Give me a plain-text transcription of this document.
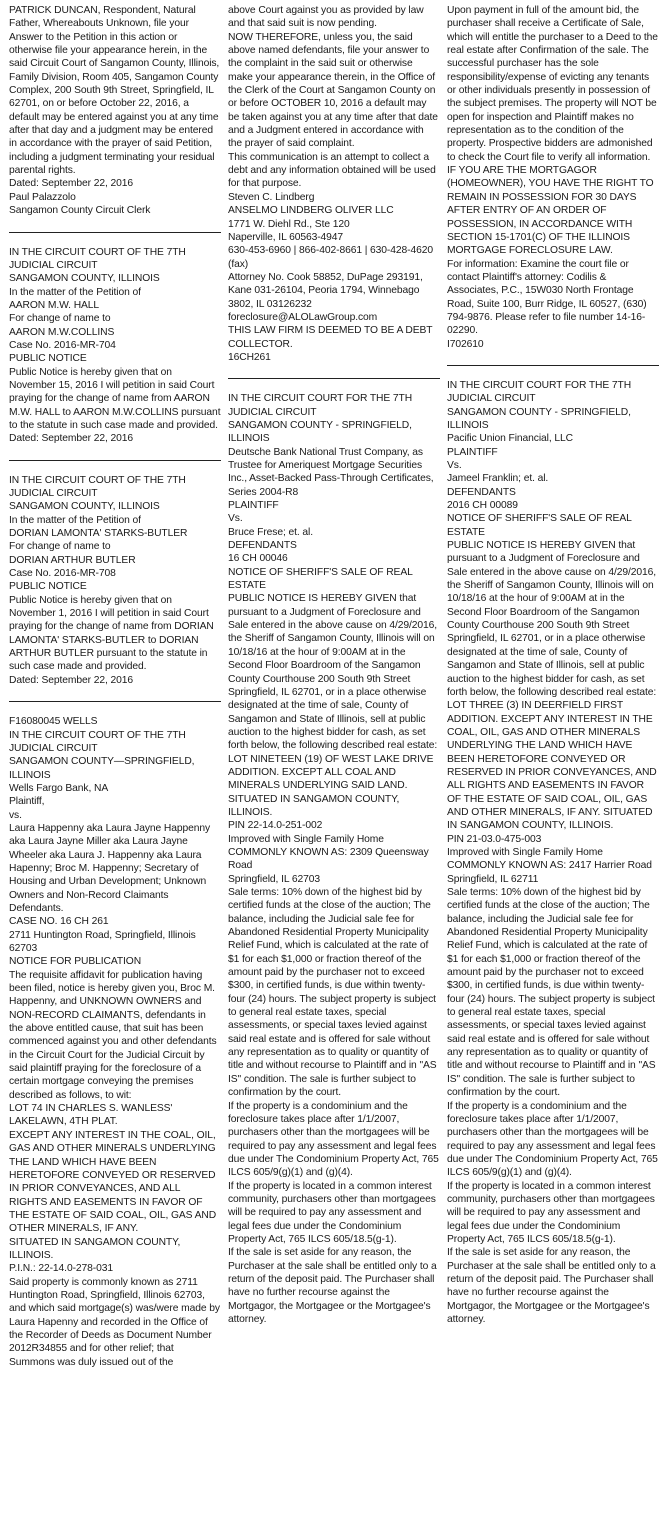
PATRICK DUNCAN, Respondent, Natural Father, Whereabouts Unknown, file your Answer to the Petition in this action or otherwise file your appearance herein, in the said Circuit Court of Sangamon County, Illinois, Family Division, Room 405, Sangamon County Complex, 200 South 9th Street, Springfield, IL 62701, on or before October 22, 2016, a default may be entered against you at any time after that day and a judgment may be entered in accordance with the prayer of said Petition, including a judgment terminating your residual parental rights.
Dated: September 22, 2016
Paul Palazzolo
Sangamon County Circuit Clerk
IN THE CIRCUIT COURT OF THE 7TH JUDICIAL CIRCUIT
SANGAMON COUNTY, ILLINOIS
In the matter of the Petition of
AARON M.W. HALL
For change of name to
AARON M.W.COLLINS
Case No. 2016-MR-704
PUBLIC NOTICE
Public Notice is hereby given that on November 15, 2016 I will petition in said Court praying for the change of name from AARON M.W. HALL to AARON M.W.COLLINS pursuant to the statute in such case made and provided.
Dated: September 22, 2016
IN THE CIRCUIT COURT OF THE 7TH JUDICIAL CIRCUIT
SANGAMON COUNTY, ILLINOIS
In the matter of the Petition of
DORIAN LAMONTA' STARKS-BUTLER
For change of name to
DORIAN ARTHUR BUTLER
Case No. 2016-MR-708
PUBLIC NOTICE
Public Notice is hereby given that on November 1, 2016 I will petition in said Court praying for the change of name from DORIAN LAMONTA' STARKS-BUTLER to DORIAN ARTHUR BUTLER pursuant to the statute in such case made and provided.
Dated: September 22, 2016
F16080045 WELLS
IN THE CIRCUIT COURT OF THE 7TH JUDICIAL CIRCUIT
SANGAMON COUNTY—SPRINGFIELD, ILLINOIS
Wells Fargo Bank, NA
Plaintiff,
vs.
Laura Happenny aka Laura Jayne Happenny aka Laura Jayne Miller aka Laura Jayne Wheeler aka Laura J. Happenny aka Laura Hapenny; Broc M. Happenny; Secretary of Housing and Urban Development; Unknown Owners and Non-Record Claimants
Defendants.
CASE NO. 16 CH 261
2711 Huntington Road, Springfield, Illinois 62703
NOTICE FOR PUBLICATION
The requisite affidavit for publication having been filed, notice is hereby given you, Broc M. Happenny, and UNKNOWN OWNERS and NON-RECORD CLAIMANTS, defendants in the above entitled cause, that suit has been commenced against you and other defendants in the Circuit Court for the Judicial Circuit by said plaintiff praying for the foreclosure of a certain mortgage conveying the premises described as follows, to wit:
LOT 74 IN CHARLES S. WANLESS' LAKELAWN, 4TH PLAT.
EXCEPT ANY INTEREST IN THE COAL, OIL, GAS AND OTHER MINERALS UNDERLYING THE LAND WHICH HAVE BEEN HERETOFORE CONVEYED OR RESERVED IN PRIOR CONVEYANCES, AND ALL RIGHTS AND EASEMENTS IN FAVOR OF THE ESTATE OF SAID COAL, OIL, GAS AND OTHER MINERALS, IF ANY.
SITUATED IN SANGAMON COUNTY, ILLINOIS.
P.I.N.: 22-14.0-278-031
Said property is commonly known as 2711 Huntington Road, Springfield, Illinois 62703, and which said mortgage(s) was/were made by Laura Hapenny and recorded in the Office of the Recorder of Deeds as Document Number 2012R34855 and for other relief; that Summons was duly issued out of the
above Court against you as provided by law and that said suit is now pending.
NOW THEREFORE, unless you, the said above named defendants, file your answer to the complaint in the said suit or otherwise make your appearance therein, in the Office of the Clerk of the Court at Sangamon County on or before OCTOBER 10, 2016 a default may be taken against you at any time after that date and a Judgment entered in accordance with the prayer of said complaint.
This communication is an attempt to collect a debt and any information obtained will be used for that purpose.
Steven C. Lindberg
ANSELMO LINDBERG OLIVER LLC
1771 W. Diehl Rd., Ste 120
Naperville, IL 60563-4947
630-453-6960 | 866-402-8661 | 630-428-4620 (fax)
Attorney No. Cook 58852, DuPage 293191, Kane 031-26104, Peoria 1794, Winnebago 3802, IL 03126232
foreclosure@ALOLawGroup.com
THIS LAW FIRM IS DEEMED TO BE A DEBT COLLECTOR.
16CH261
IN THE CIRCUIT COURT FOR THE 7TH JUDICIAL CIRCUIT
SANGAMON COUNTY - SPRINGFIELD, ILLINOIS
Deutsche Bank National Trust Company, as Trustee for Ameriquest Mortgage Securities Inc., Asset-Backed Pass-Through Certificates, Series 2004-R8
PLAINTIFF
Vs.
Bruce Frese; et. al.
DEFENDANTS
16 CH 00046
NOTICE OF SHERIFF'S SALE OF REAL ESTATE
PUBLIC NOTICE IS HEREBY GIVEN that pursuant to a Judgment of Foreclosure and Sale entered in the above cause on 4/29/2016, the Sheriff of Sangamon County, Illinois will on 10/18/16 at the hour of 9:00AM at in the Second Floor Boardroom of the Sangamon County Courthouse 200 South 9th Street Springfield, IL 62701, or in a place otherwise designated at the time of sale, County of Sangamon and State of Illinois, sell at public auction to the highest bidder for cash, as set forth below, the following described real estate:
LOT NINETEEN (19) OF WEST LAKE DRIVE ADDITION. EXCEPT ALL COAL AND MINERALS UNDERLYING SAID LAND. SITUATED IN SANGAMON COUNTY, ILLINOIS.
PIN 22-14.0-251-002
Improved with Single Family Home
COMMONLY KNOWN AS: 2309 Queensway Road
Springfield, IL 62703
Sale terms: 10% down of the highest bid by certified funds at the close of the auction; The balance, including the Judicial sale fee for Abandoned Residential Property Municipality Relief Fund, which is calculated at the rate of $1 for each $1,000 or fraction thereof of the amount paid by the purchaser not to exceed $300, in certified funds, is due within twenty-four (24) hours. The subject property is subject to general real estate taxes, special assessments, or special taxes levied against said real estate and is offered for sale without any representation as to quality or quantity of title and without recourse to Plaintiff and in "AS IS" condition. The sale is further subject to confirmation by the court.
If the property is a condominium and the foreclosure takes place after 1/1/2007, purchasers other than the mortgagees will be required to pay any assessment and legal fees due under The Condominium Property Act, 765 ILCS 605/9(g)(1) and (g)(4).
If the property is located in a common interest community, purchasers other than mortgagees will be required to pay any assessment and legal fees due under the Condominium Property Act, 765 ILCS 605/18.5(g-1).
If the sale is set aside for any reason, the Purchaser at the sale shall be entitled only to a return of the deposit paid. The Purchaser shall have no further recourse against the Mortgagor, the Mortgagee or the Mortgagee's attorney.
Upon payment in full of the amount bid, the purchaser shall receive a Certificate of Sale, which will entitle the purchaser to a Deed to the real estate after Confirmation of the sale. The successful purchaser has the sole responsibility/expense of evicting any tenants or other individuals presently in possession of the subject premises. The property will NOT be open for inspection and Plaintiff makes no representation as to the condition of the property. Prospective bidders are admonished to check the Court file to verify all information.
IF YOU ARE THE MORTGAGOR (HOMEOWNER), YOU HAVE THE RIGHT TO REMAIN IN POSSESSION FOR 30 DAYS AFTER ENTRY OF AN ORDER OF POSSESSION, IN ACCORDANCE WITH SECTION 15-1701(C) OF THE ILLINOIS MORTGAGE FORECLOSURE LAW.
For information: Examine the court file or contact Plaintiff's attorney: Codilis & Associates, P.C., 15W030 North Frontage Road, Suite 100, Burr Ridge, IL 60527, (630) 794-9876. Please refer to file number 14-16-02290.
I702610
IN THE CIRCUIT COURT FOR THE 7TH JUDICIAL CIRCUIT
SANGAMON COUNTY - SPRINGFIELD, ILLINOIS
Pacific Union Financial, LLC
PLAINTIFF
Vs.
Jameel Franklin; et. al.
DEFENDANTS
2016 CH 00089
NOTICE OF SHERIFF'S SALE OF REAL ESTATE
PUBLIC NOTICE IS HEREBY GIVEN that pursuant to a Judgment of Foreclosure and Sale entered in the above cause on 4/29/2016, the Sheriff of Sangamon County, Illinois will on 10/18/16 at the hour of 9:00AM at in the Second Floor Boardroom of the Sangamon County Courthouse 200 South 9th Street Springfield, IL 62701, or in a place otherwise designated at the time of sale, County of Sangamon and State of Illinois, sell at public auction to the highest bidder for cash, as set forth below, the following described real estate:
LOT THREE (3) IN DEERFIELD FIRST ADDITION. EXCEPT ANY INTEREST IN THE COAL, OIL, GAS AND OTHER MINERALS UNDERLYING THE LAND WHICH HAVE BEEN HERETOFORE CONVEYED OR RESERVED IN PRIOR CONVEYANCES, AND ALL RIGHTS AND EASEMENTS IN FAVOR OF THE ESTATE OF SAID COAL, OIL, GAS AND OTHER MINERALS, IF ANY. SITUATED IN SANGAMON COUNTY, ILLINOIS.
PIN 21-03.0-475-003
Improved with Single Family Home
COMMONLY KNOWN AS: 2417 Harrier Road
Springfield, IL 62711
Sale terms: 10% down of the highest bid by certified funds at the close of the auction; The balance, including the Judicial sale fee for Abandoned Residential Property Municipality Relief Fund, which is calculated at the rate of $1 for each $1,000 or fraction thereof of the amount paid by the purchaser not to exceed $300, in certified funds, is due within twenty-four (24) hours. The subject property is subject to general real estate taxes, special assessments, or special taxes levied against said real estate and is offered for sale without any representation as to quality or quantity of title and without recourse to Plaintiff and in "AS IS" condition. The sale is further subject to confirmation by the court.
If the property is a condominium and the foreclosure takes place after 1/1/2007, purchasers other than the mortgagees will be required to pay any assessment and legal fees due under The Condominium Property Act, 765 ILCS 605/9(g)(1) and (g)(4).
If the property is located in a common interest community, purchasers other than mortgagees will be required to pay any assessment and legal fees due under the Condominium Property Act, 765 ILCS 605/18.5(g-1).
If the sale is set aside for any reason, the Purchaser at the sale shall be entitled only to a return of the deposit paid. The Purchaser shall have no further recourse against the Mortgagor, the Mortgagee or the Mortgagee's attorney.
